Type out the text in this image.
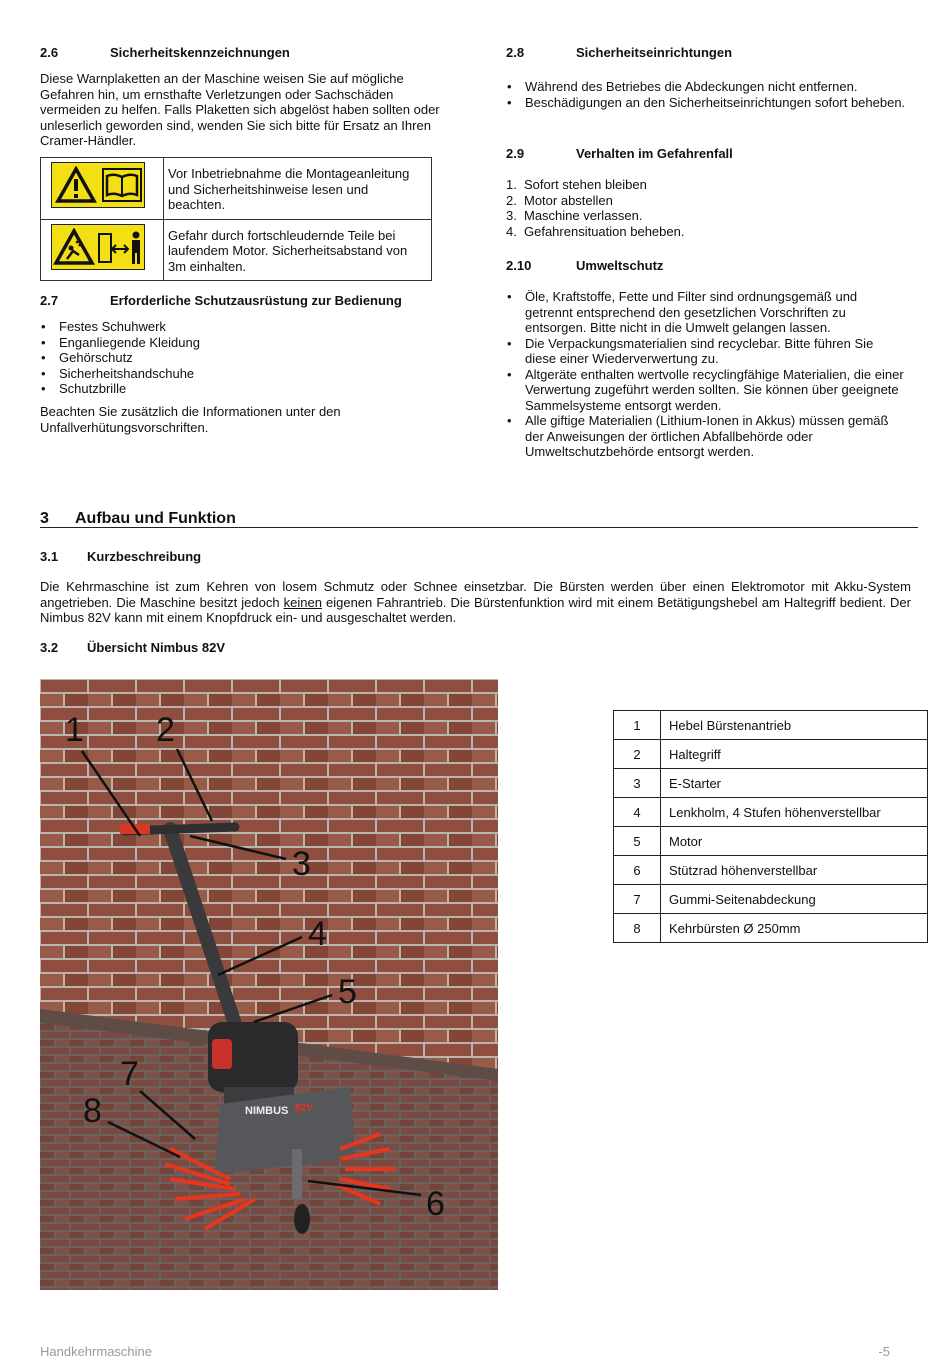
2.6	Sicherheitskennzeichnungen

Diese Warnplaketten an der Maschine weisen Sie auf mögliche Gefahren hin, um ernsthafte Verletzungen oder Sachschäden vermeiden zu helfen. Falls Plaketten sich abgelöst haben sollten oder unleserlich geworden sind, wenden Sie sich bitte für Ersatz an Ihren Cramer-Händler.

	Vor Inbetriebnahme die Montageanleitung und Sicherheitshinweise lesen und beachten.

	Gefahr durch fortschleudernde Teile bei laufendem Motor. Sicherheitsabstand von 3m einhalten.
2.7	Erforderliche Schutzausrüstung zur Bedienung
• Festes Schuhwerk
• Enganliegende Kleidung
• Gehörschutz
• Sicherheitshandschuhe
• Schutzbrille

Beachten Sie zusätzlich die Informationen unter den Unfallverhütungsvorschriften.

2.8	Sicherheitseinrichtungen
• Während des Betriebes die Abdeckungen nicht entfernen.
• Beschädigungen an den Sicherheitseinrichtungen sofort beheben.
2.9	Verhalten im Gefahrenfall
1. Sofort stehen bleiben
2. Motor abstellen
3. Maschine verlassen.
4. Gefahrensituation beheben.
2.10	Umweltschutz
• Öle, Kraftstoffe, Fette und Filter sind ordnungsgemäß und getrennt entsprechend den gesetzlichen Vorschriften zu entsorgen. Bitte nicht in die Umwelt gelangen lassen.
• Die Verpackungsmaterialien sind recyclebar. Bitte führen Sie diese einer Wiederverwertung zu.
• Altgeräte enthalten wertvolle recyclingfähige Materialien, die einer Verwertung zugeführt werden sollten. Sie können über geeignete Sammelsysteme entsorgt werden.
• Alle giftige Materialien (Lithium-Ionen in Akkus) müssen gemäß der Anweisungen der örtlichen Abfallbehörde oder Umweltschutzbehörde entsorgt werden.
3 Aufbau und Funktion
3.1 Kurzbeschreibung

Die Kehrmaschine ist zum Kehren von losem Schmutz oder Schnee einsetzbar. Die Bürsten werden über einen Elektromotor mit Akku-System angetrieben. Die Maschine besitzt jedoch keinen eigenen Fahrantrieb. Die Bürstenfunktion wird mit einem Betätigungshebel am Haltegriff bedient. Der Nimbus 82V kann mit einem Knopfdruck ein- und ausgeschaltet werden.

3.2 Übersicht Nimbus 82V
NIMBUS 82V
1 2
3
4
5
6
7
8
1	Hebel Bürstenantrieb
2	Haltegriff
3	E-Starter
4	Lenkholm, 4 Stufen höhenverstellbar
5	Motor
6	Stützrad höhenverstellbar
7	Gummi-Seitenabdeckung
8	Kehrbürsten Ø 250mm
Handkehrmaschine	-5
